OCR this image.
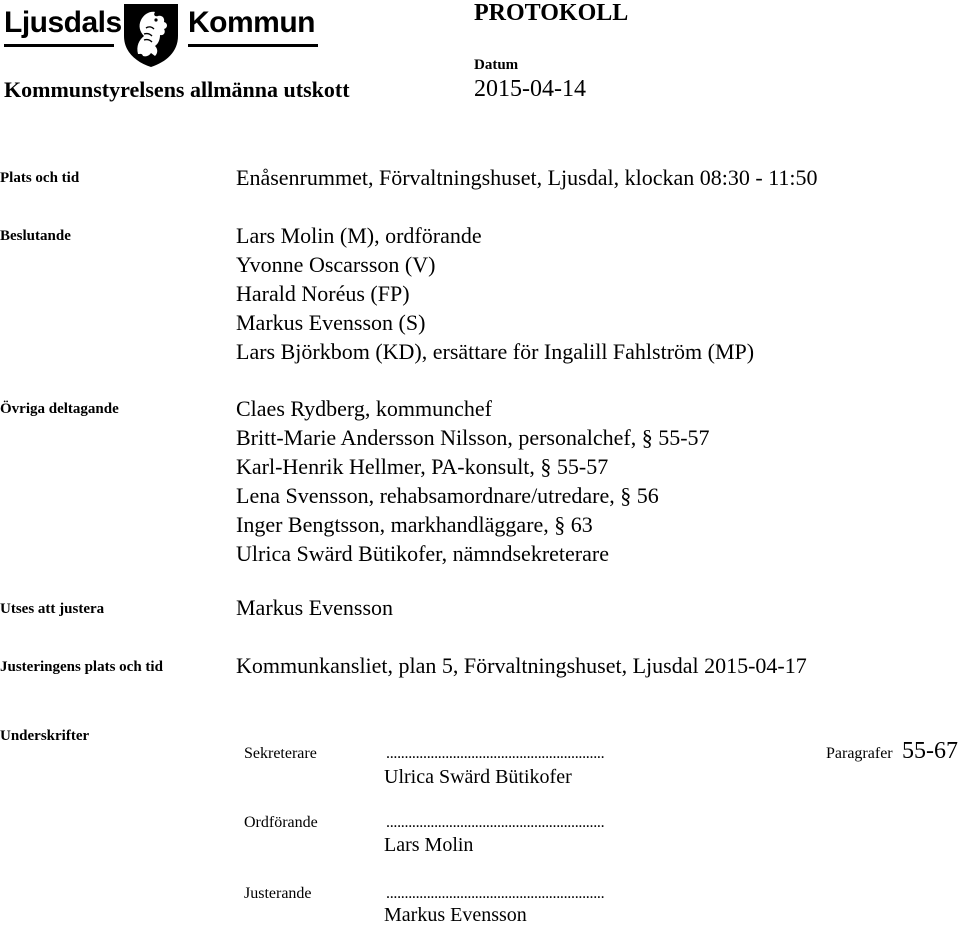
Ljusdals Kommun	PROTOKOLL
Datum
2015-04-14
Kommunstyrelsens allmänna utskott
Plats och tid	Enåsenrummet, Förvaltningshuset, Ljusdal, klockan 08:30 - 11:50
Beslutande	Lars Molin (M), ordförande
Yvonne Oscarsson (V)
Harald Noréus (FP)
Markus Evensson (S)
Lars Björkbom (KD), ersättare för Ingalill Fahlström (MP)
Övriga deltagande	Claes Rydberg, kommunchef
Britt-Marie Andersson Nilsson, personalchef, § 55-57
Karl-Henrik Hellmer, PA-konsult, § 55-57
Lena Svensson, rehabsamordnare/utredare, § 56
Inger Bengtsson, markhandläggare, § 63
Ulrica Swärd Bütikofer, nämndsekreterare
Utses att justera	Markus Evensson
Justeringens plats och tid	Kommunkansliet, plan 5, Förvaltningshuset, Ljusdal 2015-04-17
Underskrifter
Sekreterare	...........................................................
Ulrica Swärd Bütikofer
Paragrafer 55-67
Ordförande	...........................................................
Lars Molin
Justerande	...........................................................
Markus Evensson
